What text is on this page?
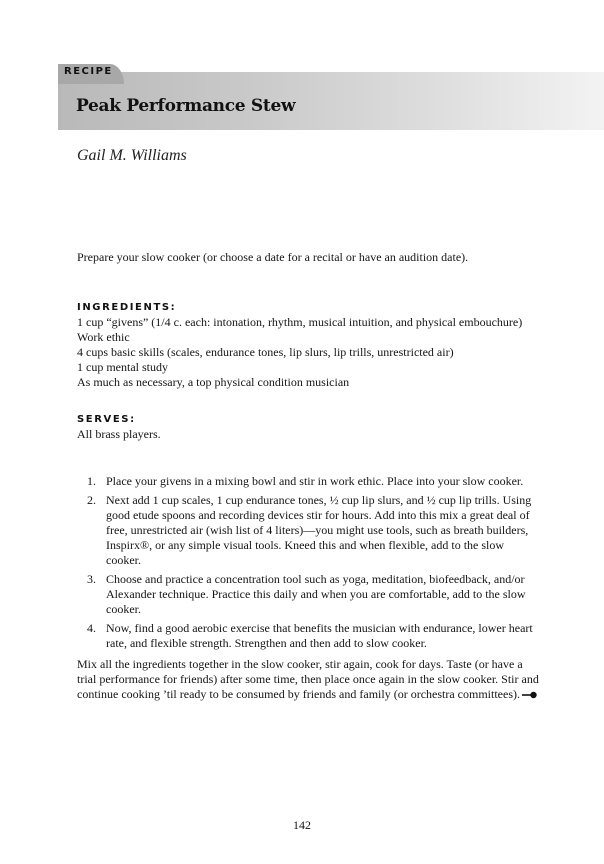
RECIPE
Peak Performance Stew
Gail M. Williams

Prepare your slow cooker (or choose a date for a recital or have an audition date).

INGREDIENTS:
1 cup “givens” (1/4 c. each: intonation, rhythm, musical intuition, and physical embouchure)
Work ethic
4 cups basic skills (scales, endurance tones, lip slurs, lip trills, unrestricted air)
1 cup mental study
As much as necessary, a top physical condition musician
SERVES:
All brass players.
1. Place your givens in a mixing bowl and stir in work ethic. Place into your slow cooker.
2. Next add 1 cup scales, 1 cup endurance tones, ½ cup lip slurs, and ½ cup lip trills. Using good etude spoons and recording devices stir for hours. Add into this mix a great deal of free, unrestricted air (wish list of 4 liters)—you might use tools, such as breath builders, Inspirx®, or any simple visual tools. Kneed this and when flexible, add to the slow cooker.
3. Choose and practice a concentration tool such as yoga, meditation, biofeedback, and/or Alexander technique. Practice this daily and when you are comfortable, add to the slow cooker.
4. Now, find a good aerobic exercise that benefits the musician with endurance, lower heart rate, and flexible strength. Strengthen and then add to slow cooker.

Mix all the ingredients together in the slow cooker, stir again, cook for days. Taste (or have a trial performance for friends) after some time, then place once again in the slow cooker. Stir and continue cooking ’til ready to be consumed by friends and family (or orchestra committees).

142
